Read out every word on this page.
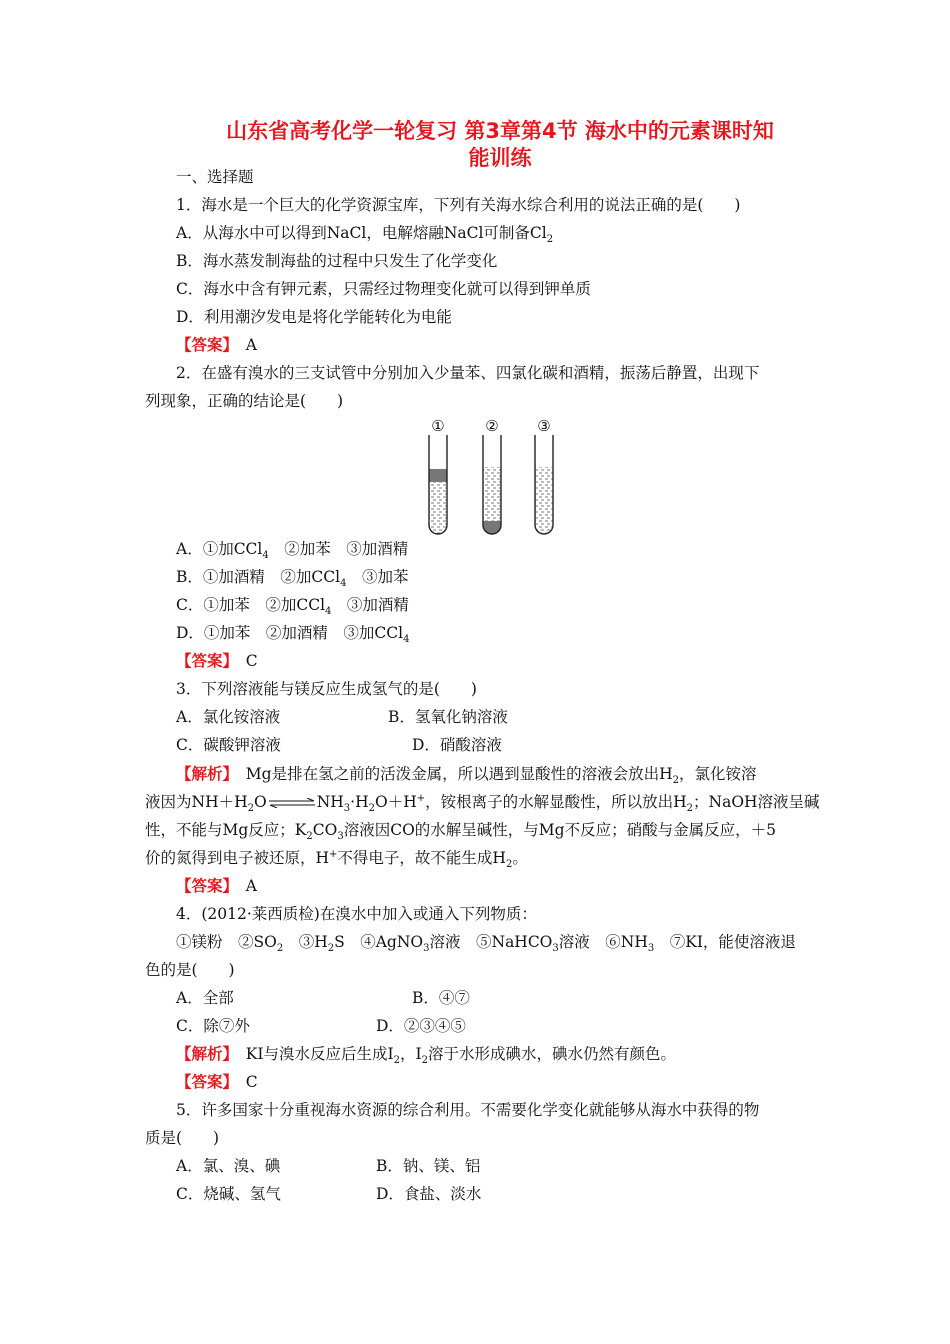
山东省高考化学一轮复习 第3章第4节 海水中的元素课时知
能训练
一、选择题
1．海水是一个巨大的化学资源宝库，下列有关海水综合利用的说法正确的是(　　)
A．从海水中可以得到NaCl，电解熔融NaCl可制备$Cl_2$
B．海水蒸发制海盐的过程中只发生了化学变化
C．海水中含有钾元素，只需经过物理变化就可以得到钾单质
D．利用潮汐发电是将化学能转化为电能
【答案】　 A
2．在盛有溴水的三支试管中分别加入少量苯、四氯化碳和酒精，振荡后静置，出现下
列现象，正确的结论是(　　)
①	②	③
A．①加CCl$_4$　②加苯　③加酒精
B．①加酒精　②加CCl$_4$　③加苯
C．①加苯　②加CCl$_4$　③加酒精
D．①加苯　②加酒精　③加CCl$_4$
【答案】　 C
3．下列溶液能与镁反应生成氢气的是(　　)
A．氯化铵溶液	B．氢氧化钠溶液
C．碳酸钾溶液	D．硝酸溶液
【解析】　 Mg是排在氢之前的活泼金属，所以遇到显酸性的溶液会放出$H_2$，氯化铵溶
液因为$NH+H_2O\rightleftharpoons NH_3\cdot H_2O+H^+$，铵根离子的水解显酸性，所以放出$H_2$；NaOH溶液呈碱
性，不能与Mg反应；$K_2CO_3$溶液因CO的水解呈碱性，与Mg不反应；硝酸与金属反应，＋5
价的氮得到电子被还原，H+不得电子，故不能生成$H_2$。
【答案】　 A
4．(2012·莱西质检)在溴水中加入或通入下列物质：
①镁粉　$②SO_2$　$③H_2S$　④AgNO$_3$溶液　⑤NaHCO$_3$溶液　$⑥NH_3$　⑦KI，能使溶液退
色的是(　　)
A．全部	B．④⑦
C．除⑦外	D．②③④⑤
【解析】　 KI与溴水反应后生成$I_2$，$I_2$溶于水形成碘水，碘水仍然有颜色。
【答案】　 C
5．许多国家十分重视海水资源的综合利用。不需要化学变化就能够从海水中获得的物
质是(　　)
A．氯、溴、碘	B．钠、镁、铝
C．烧碱、氢气	D．食盐、淡水
